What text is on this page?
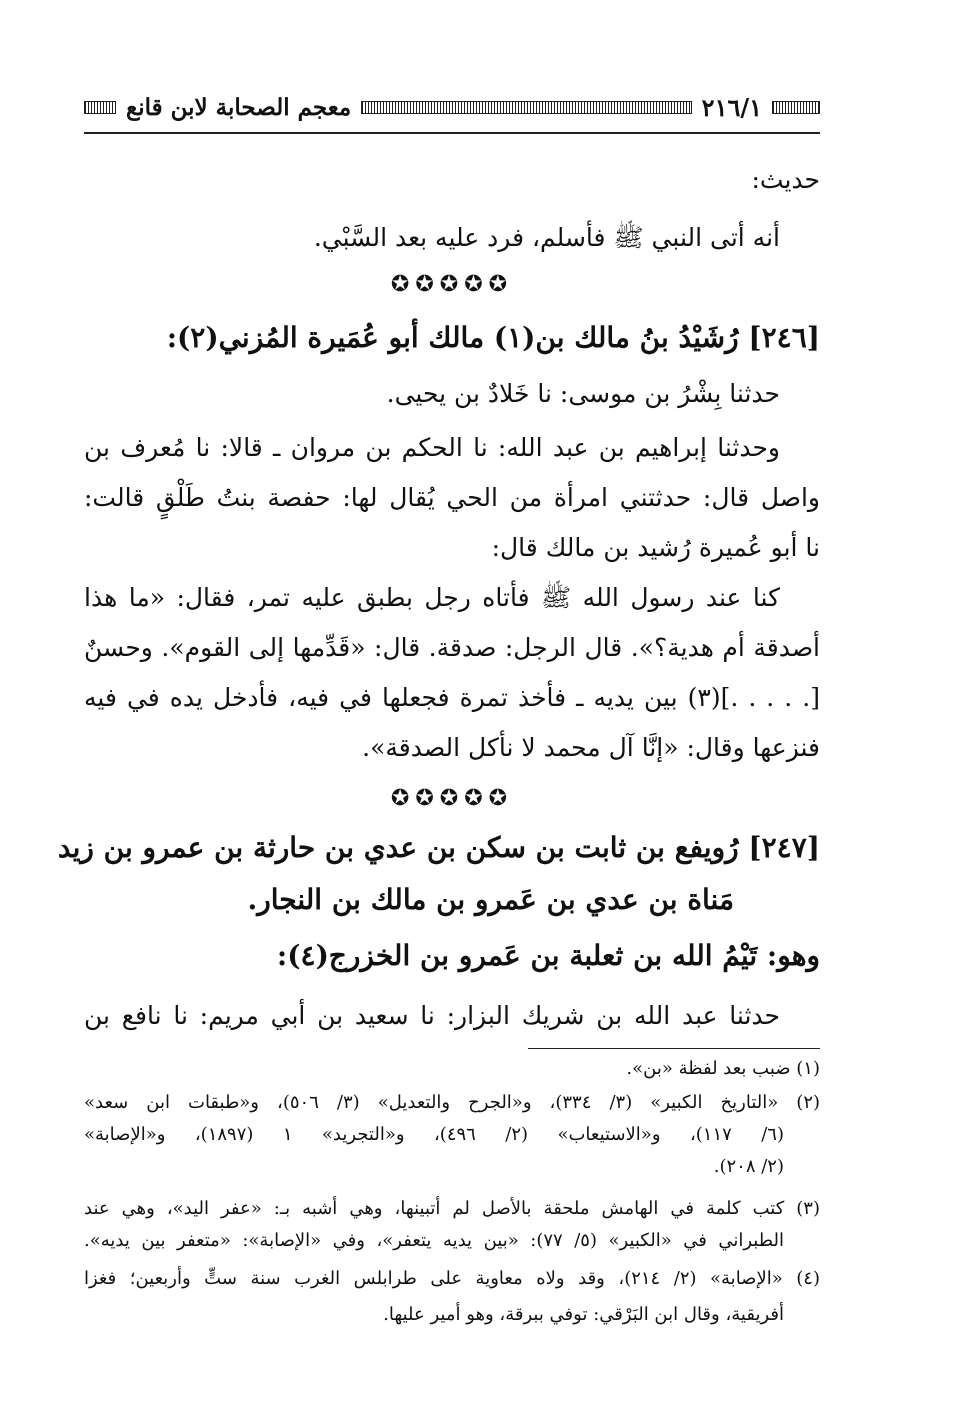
٢١٦/١
معجم الصحابة لابن قانع
حديث:
أنه أتى النبي ﷺ فأسلم، فرد عليه بعد السَّبْي.
✪✪✪✪✪
[٢٤٦] رُشَيْدُ بنُ مالك بن(١) مالك أبو عُمَيرة المُزني(٢):
حدثنا بِشْرُ بن موسى: نا خَلادٌ بن يحيى.
وحدثنا إبراهيم بن عبد الله: نا الحكم بن مروان ـ قالا: نا مُعرف بن
واصل قال: حدثتني امرأة من الحي يُقال لها: حفصة بنتُ طَلْقٍ قالت:
نا أبو عُميرة رُشيد بن مالك قال:
كنا عند رسول الله ﷺ فأتاه رجل بطبق عليه تمر، فقال: «ما هذا
أصدقة أم هدية؟». قال الرجل: صدقة. قال: «قَدِّمها إلى القوم». وحسنٌ
[. . . . .](٣) بين يديه ـ فأخذ تمرة فجعلها في فيه، فأدخل يده في فيه
فنزعها وقال: «إنَّا آل محمد لا نأكل الصدقة».
✪✪✪✪✪
[٢٤٧] رُويفع بن ثابت بن سكن بن عدي بن حارثة بن عمرو بن زيد
مَناة بن عدي بن عَمرو بن مالك بن النجار.
وهو: تَيْمُ الله بن ثعلبة بن عَمرو بن الخزرج(٤):
حدثنا عبد الله بن شريك البزار: نا سعيد بن أبي مريم: نا نافع بن
(١) ضبب بعد لفظة «بن».
(٢) «التاريخ الكبير» (٣/ ٣٣٤)، و«الجرح والتعديل» (٣/ ٥٠٦)، و«طبقات ابن سعد»
(٦/ ١١٧)، و«الاستيعاب» (٢/ ٤٩٦)، و«التجريد» ١ (١٨٩٧)، و«الإصابة»
(٢/ ٢٠٨).
(٣) كتب كلمة في الهامش ملحقة بالأصل لم أتبينها، وهي أشبه بـ: «عفر اليد»، وهي عند
الطبراني في «الكبير» (٥/ ٧٧): «بين يديه يتعفر»، وفي «الإصابة»: «متعفر بين يديه».
(٤) «الإصابة» (٢/ ٢١٤)، وقد ولاه معاوية على طرابلس الغرب سنة ستٍّ وأربعين؛ فغزا
أفريقية، وقال ابن البَرْقي: توفي ببرقة، وهو أمير عليها.
